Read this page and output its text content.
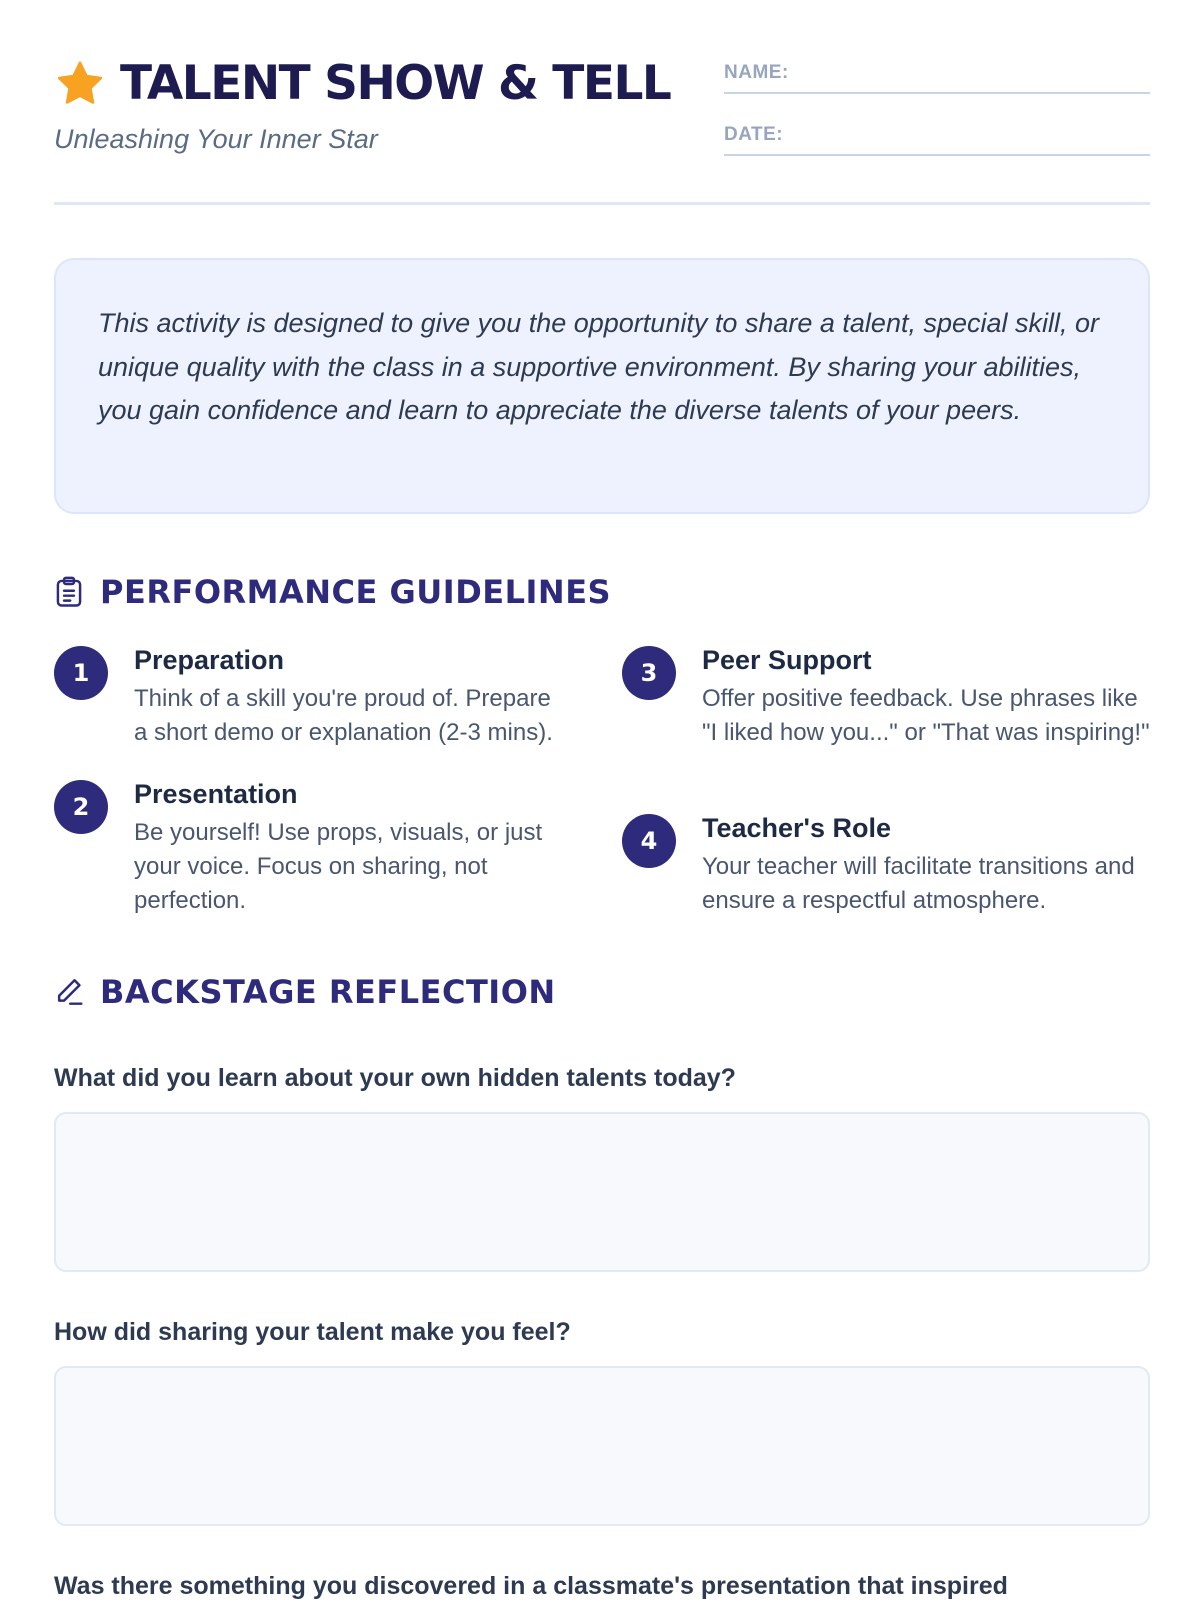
TALENT SHOW & TELL

Unleashing Your Inner Star

NAME:
DATE:

This activity is designed to give you the opportunity to share a talent, special skill, or unique quality with the class in a supportive environment. By sharing your abilities, you gain confidence and learn to appreciate the diverse talents of your peers.

PERFORMANCE GUIDELINES
1	Preparation

Think of a skill you're proud of. Prepare a short demo or explanation (2-3 mins).

2	Presentation

Be yourself! Use props, visuals, or just your voice. Focus on sharing, not perfection.

3	Peer Support

Offer positive feedback. Use phrases like "I liked how you..." or "That was inspiring!"

4	Teacher's Role

Your teacher will facilitate transitions and ensure a respectful atmosphere.

BACKSTAGE REFLECTION

What did you learn about your own hidden talents today?

How did sharing your talent make you feel?

Was there something you discovered in a classmate's presentation that inspired
